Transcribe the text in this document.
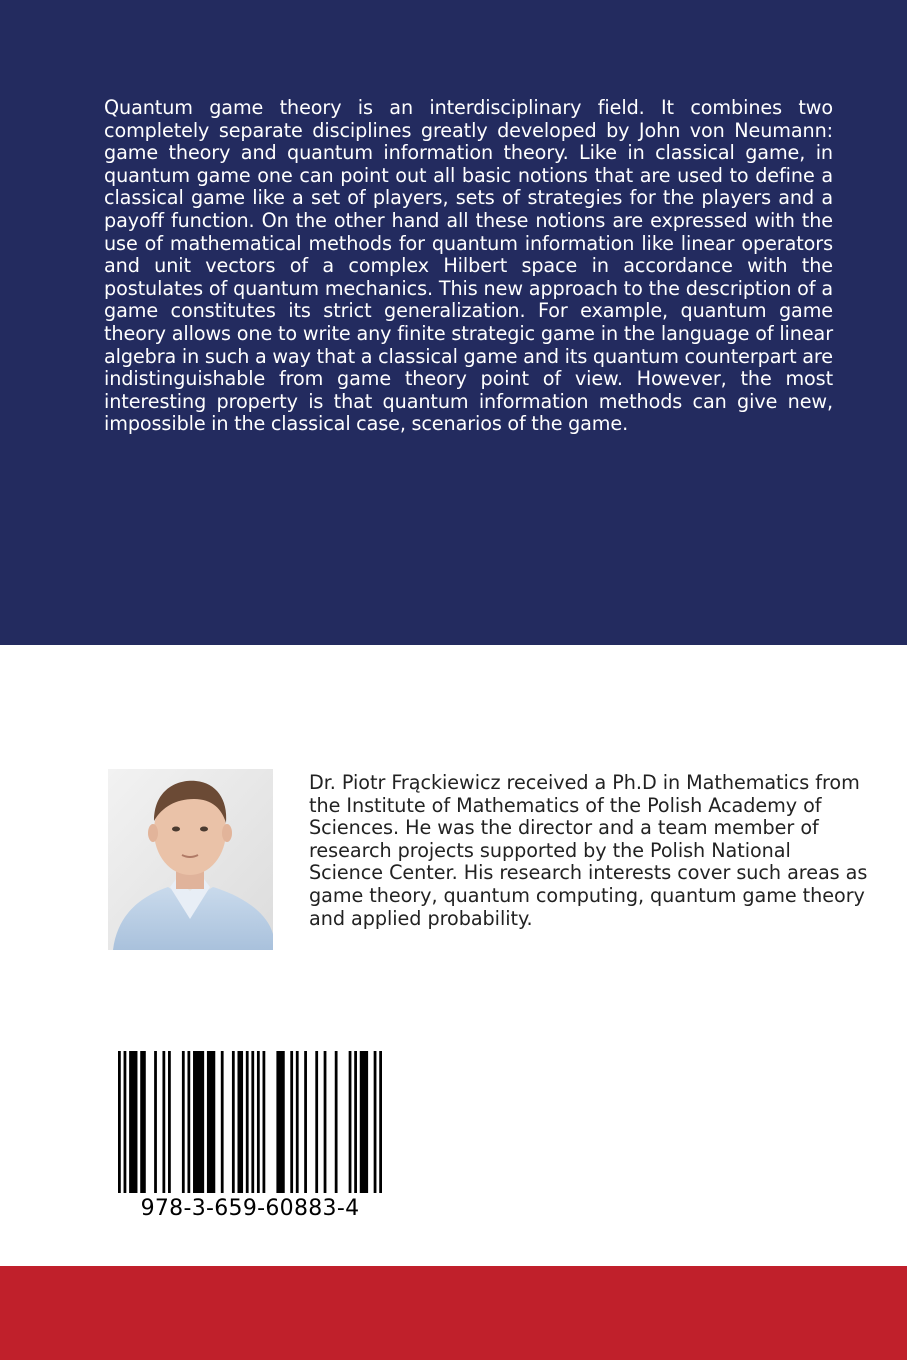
Quantum game theory is an interdisciplinary field. It combines two completely separate disciplines greatly developed by John von Neumann: game theory and quantum information theory. Like in classical game, in quantum game one can point out all basic notions that are used to define a classical game like a set of players, sets of strategies for the players and a payoff function. On the other hand all these notions are expressed with the use of mathematical methods for quantum information like linear operators and unit vectors of a complex Hilbert space in accordance with the postulates of quantum mechanics. This new approach to the description of a game constitutes its strict generalization. For example, quantum game theory allows one to write any finite strategic game in the language of linear algebra in such a way that a classical game and its quantum counterpart are indistinguishable from game theory point of view. However, the most interesting property is that quantum information methods can give new, impossible in the classical case, scenarios of the game.

Dr. Piotr Frąckiewicz received a Ph.D in Mathematics from the Institute of Mathematics of the Polish Academy of Sciences. He was the director and a team member of research projects supported by the Polish National Science Center. His research interests cover such areas as game theory, quantum computing, quantum game theory and applied probability.

978-3-659-60883-4
